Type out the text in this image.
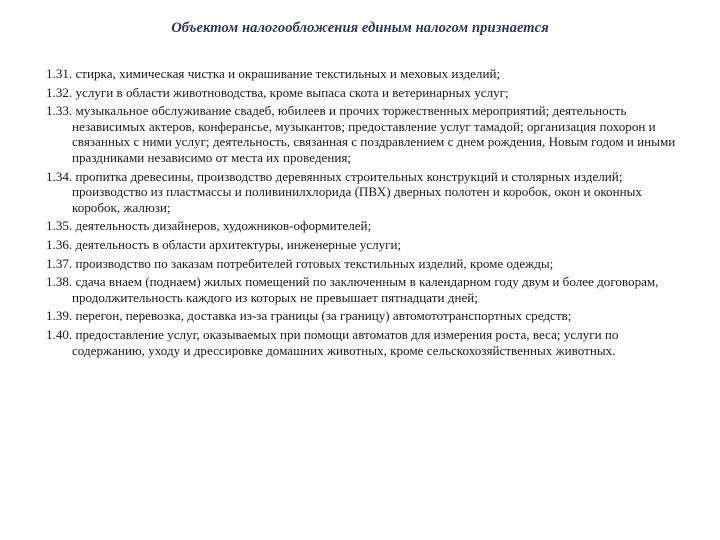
Объектом налогообложения единым налогом признается
1.31. стирка, химическая чистка и окрашивание текстильных и меховых изделий;
1.32. услуги в области животноводства, кроме выпаса скота и ветеринарных услуг;
1.33. музыкальное обслуживание свадеб, юбилеев и прочих торжественных мероприятий; деятельность независимых актеров, конферансье, музыкантов; предоставление услуг тамадой; организация похорон и связанных с ними услуг; деятельность, связанная с поздравлением с днем рождения, Новым годом и иными праздниками независимо от места их проведения;
1.34. пропитка древесины, производство деревянных строительных конструкций и столярных изделий; производство из пластмассы и поливинилхлорида (ПВХ) дверных полотен и коробок, окон и оконных коробок, жалюзи;
1.35. деятельность дизайнеров, художников-оформителей;
1.36. деятельность в области архитектуры, инженерные услуги;
1.37. производство по заказам потребителей готовых текстильных изделий, кроме одежды;
1.38. сдача внаем (поднаем) жилых помещений по заключенным в календарном году двум и более договорам, продолжительность каждого из которых не превышает пятнадцати дней;
1.39. перегон, перевозка, доставка из-за границы (за границу) автомототранспортных средств;
1.40. предоставление услуг, оказываемых при помощи автоматов для измерения роста, веса; услуги по содержанию, уходу и дрессировке домашних животных, кроме сельскохозяйственных животных.
